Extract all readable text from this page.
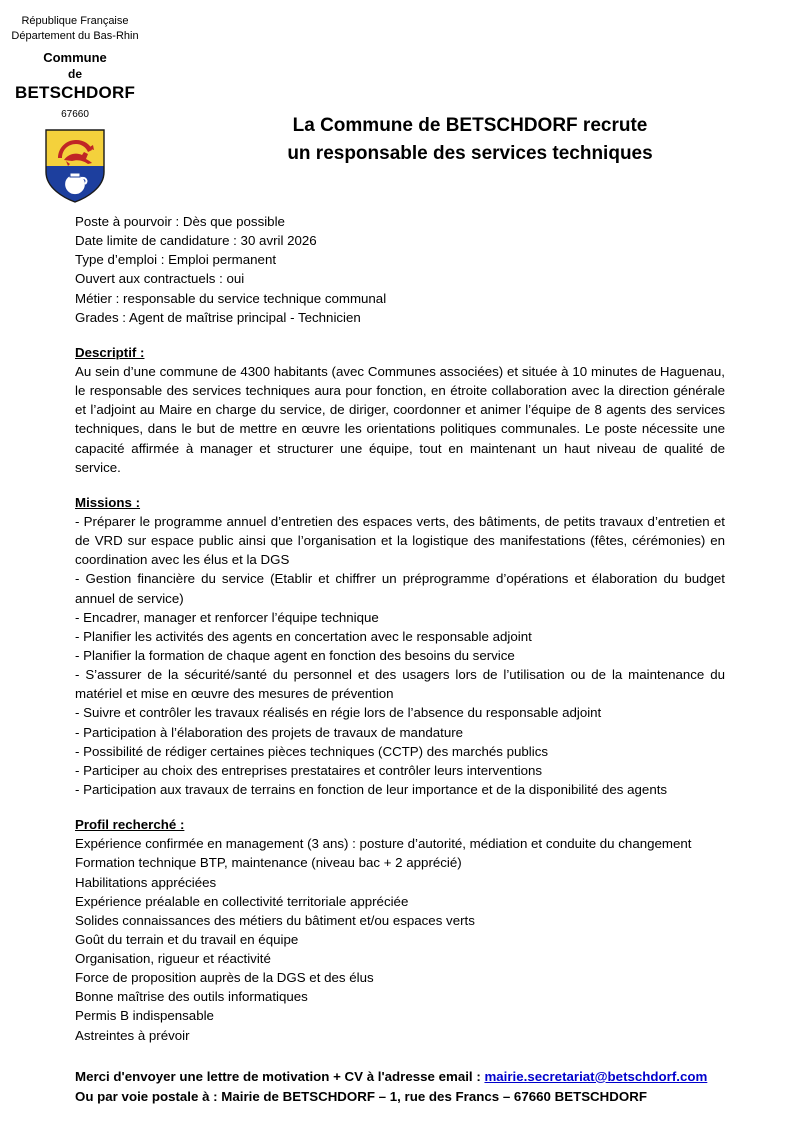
République Française
Département du Bas-Rhin
Commune
de
BETSCHDORF
67660
La Commune de BETSCHDORF recrute
un responsable des services techniques

Poste à pourvoir : Dès que possible

Date limite de candidature : 30 avril 2026

Type d’emploi : Emploi permanent

Ouvert aux contractuels : oui

Métier : responsable du service technique communal

Grades : Agent de maîtrise principal - Technicien

Descriptif :

Au sein d’une commune de 4300 habitants (avec Communes associées) et située à 10 minutes de Haguenau, le responsable des services techniques aura pour fonction, en étroite collaboration avec la direction générale et l’adjoint au Maire en charge du service, de diriger, coordonner et animer l’équipe de 8 agents des services techniques, dans le but de mettre en œuvre les orientations politiques communales. Le poste nécessite une capacité affirmée à manager et structurer une équipe, tout en maintenant un haut niveau de qualité de service.

Missions :

- Préparer le programme annuel d’entretien des espaces verts, des bâtiments, de petits travaux d’entretien et de VRD sur espace public ainsi que l’organisation et la logistique des manifestations (fêtes, cérémonies) en coordination avec les élus et la DGS

- Gestion financière du service (Etablir et chiffrer un préprogramme d’opérations et élaboration du budget annuel de service)

- Encadrer, manager et renforcer l’équipe technique

- Planifier les activités des agents en concertation avec le responsable adjoint

- Planifier la formation de chaque agent en fonction des besoins du service

- S’assurer de la sécurité/santé du personnel et des usagers lors de l’utilisation ou de la maintenance du matériel et mise en œuvre des mesures de prévention

- Suivre et contrôler les travaux réalisés en régie lors de l’absence du responsable adjoint

- Participation à l’élaboration des projets de travaux de mandature

- Possibilité de rédiger certaines pièces techniques (CCTP) des marchés publics

- Participer au choix des entreprises prestataires et contrôler leurs interventions

- Participation aux travaux de terrains en fonction de leur importance et de la disponibilité des agents

Profil recherché :

Expérience confirmée en management (3 ans) : posture d’autorité, médiation et conduite du changement

Formation technique BTP, maintenance (niveau bac + 2 apprécié)

Habilitations appréciées

Expérience préalable en collectivité territoriale appréciée

Solides connaissances des métiers du bâtiment et/ou espaces verts

Goût du terrain et du travail en équipe

Organisation, rigueur et réactivité

Force de proposition auprès de la DGS et des élus

Bonne maîtrise des outils informatiques

Permis B indispensable

Astreintes à prévoir

Merci d'envoyer une lettre de motivation + CV à l'adresse email : mairie.secretariat@betschdorf.com
Ou par voie postale à : Mairie de BETSCHDORF – 1, rue des Francs – 67660 BETSCHDORF
